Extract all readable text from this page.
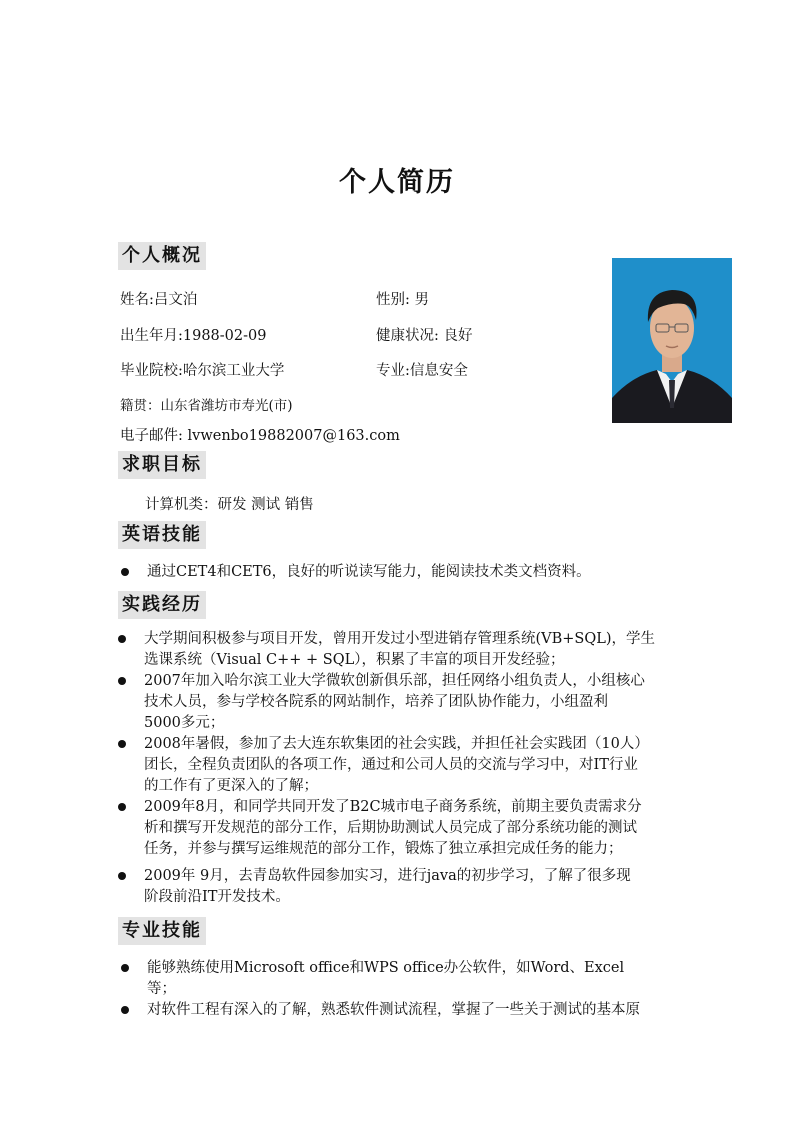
个人简历
个人概况
姓名:吕文泊	性别: 男
出生年月:1988-02-09	健康状况: 良好
毕业院校:哈尔滨工业大学	专业:信息安全
籍贯：山东省潍坊市寿光(市)
电子邮件: lvwenbo19882007@163.com
求职目标
计算机类：研发 测试 销售
英语技能
通过CET4和CET6，良好的听说读写能力，能阅读技术类文档资料。
实践经历
大学期间积极参与项目开发，曾用开发过小型进销存管理系统(VB+SQL)，学生
选课系统（Visual C++ + SQL），积累了丰富的项目开发经验；
2007年加入哈尔滨工业大学微软创新俱乐部，担任网络小组负责人，小组核心
技术人员，参与学校各院系的网站制作，培养了团队协作能力，小组盈利
5000多元；
2008年暑假，参加了去大连东软集团的社会实践，并担任社会实践团（10人）
团长，全程负责团队的各项工作，通过和公司人员的交流与学习中，对IT行业
的工作有了更深入的了解；
2009年8月，和同学共同开发了B2C城市电子商务系统，前期主要负责需求分
析和撰写开发规范的部分工作，后期协助测试人员完成了部分系统功能的测试
任务，并参与撰写运维规范的部分工作，锻炼了独立承担完成任务的能力；
2009年 9月，去青岛软件园参加实习，进行java的初步学习，了解了很多现
阶段前沿IT开发技术。
专业技能
能够熟练使用Microsoft office和WPS office办公软件，如Word、Excel
等；
对软件工程有深入的了解，熟悉软件测试流程，掌握了一些关于测试的基本原
